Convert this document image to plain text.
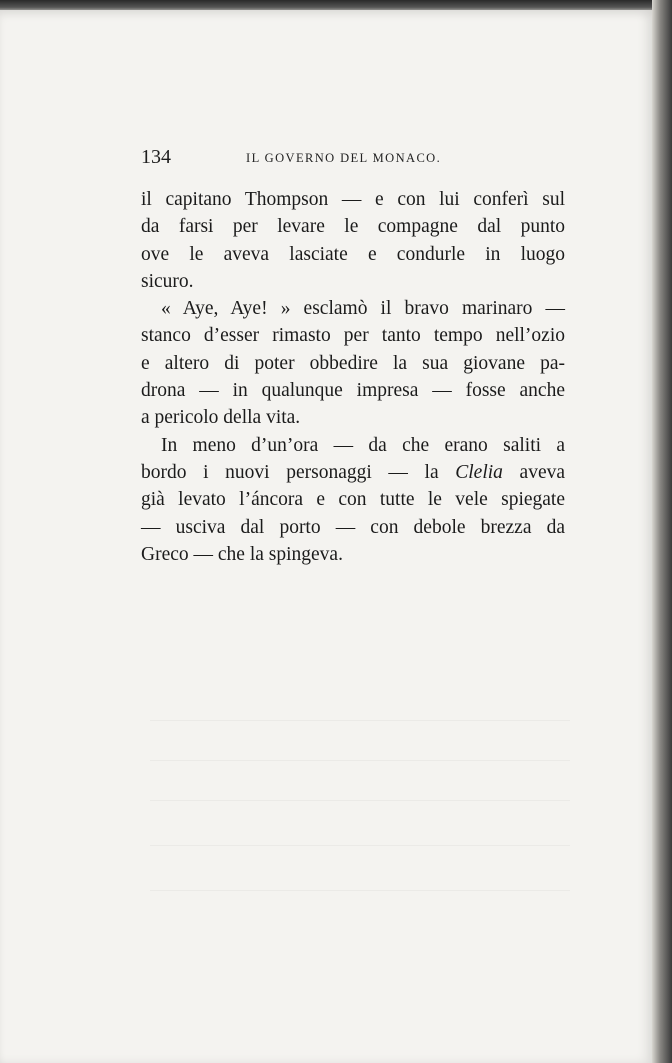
134	IL GOVERNO DEL MONACO.
il capitano Thompson — e con lui conferì sul
da farsi per levare le compagne dal punto
ove le aveva lasciate e condurle in luogo
sicuro.
« Aye, Aye! » esclamò il bravo marinaro —
stanco d’esser rimasto per tanto tempo nell’ozio
e altero di poter obbedire la sua giovane pa-
drona — in qualunque impresa — fosse anche
a pericolo della vita.
In meno d’un’ora — da che erano saliti a
bordo i nuovi personaggi — la Clelia aveva
già levato l’áncora e con tutte le vele spiegate
— usciva dal porto — con debole brezza da
Greco — che la spingeva.
